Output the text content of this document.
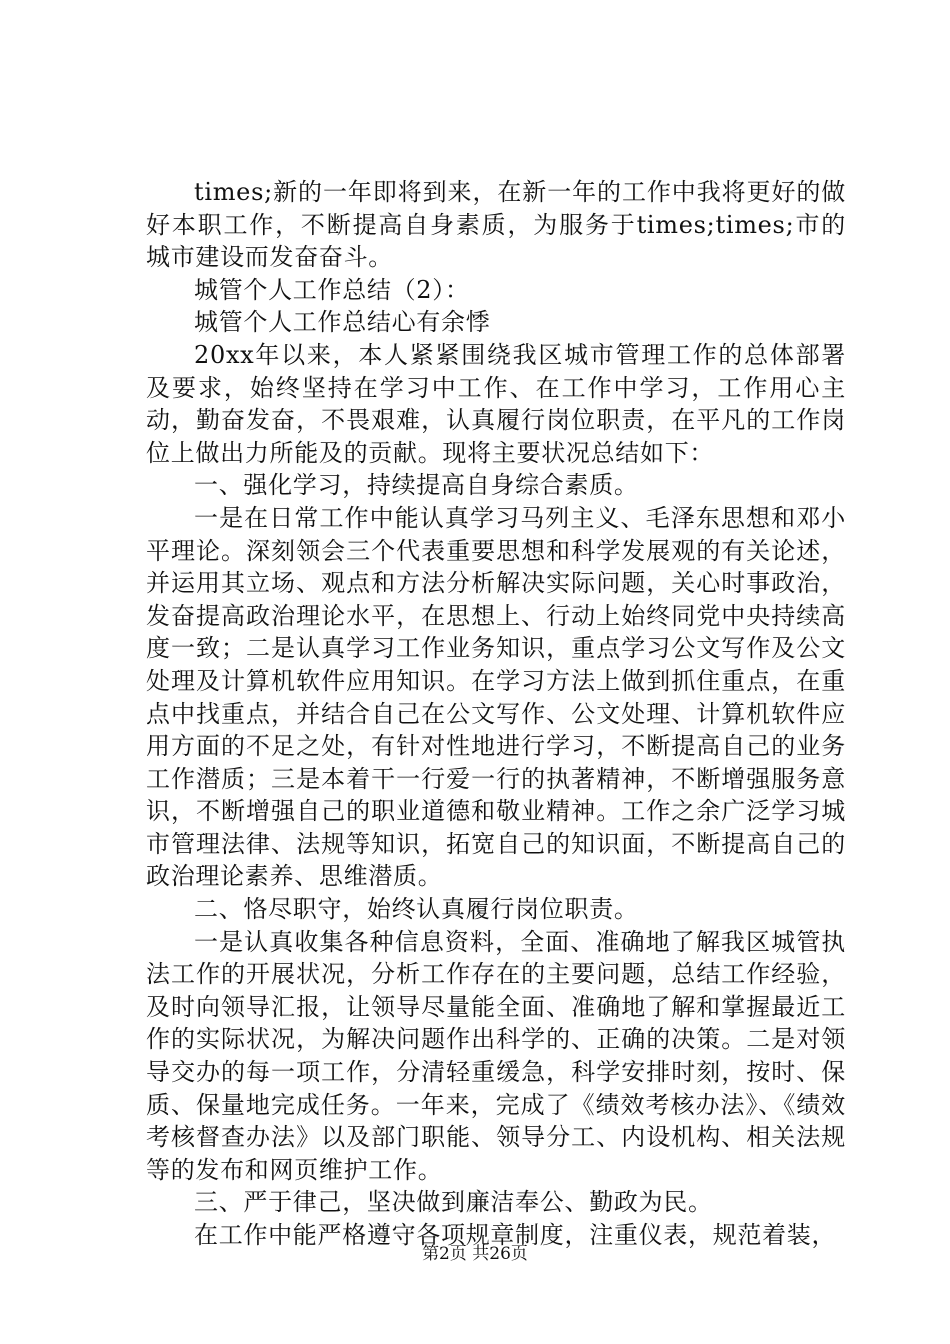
times;新的一年即将到来，在新一年的工作中我将更好的做好本职工作，不断提高自身素质，为服务于times;times;市的城市建设而发奋奋斗。

城管个人工作总结（2）：

城管个人工作总结心有余悸

20xx年以来，本人紧紧围绕我区城市管理工作的总体部署及要求，始终坚持在学习中工作、在工作中学习，工作用心主动，勤奋发奋，不畏艰难，认真履行岗位职责，在平凡的工作岗位上做出力所能及的贡献。现将主要状况总结如下：

一、强化学习，持续提高自身综合素质。

一是在日常工作中能认真学习马列主义、毛泽东思想和邓小平理论。深刻领会三个代表重要思想和科学发展观的有关论述，并运用其立场、观点和方法分析解决实际问题，关心时事政治，发奋提高政治理论水平，在思想上、行动上始终同党中央持续高度一致；二是认真学习工作业务知识，重点学习公文写作及公文处理及计算机软件应用知识。在学习方法上做到抓住重点，在重点中找重点，并结合自己在公文写作、公文处理、计算机软件应用方面的不足之处，有针对性地进行学习，不断提高自己的业务工作潜质；三是本着干一行爱一行的执著精神，不断增强服务意识，不断增强自己的职业道德和敬业精神。工作之余广泛学习城市管理法律、法规等知识，拓宽自己的知识面，不断提高自己的政治理论素养、思维潜质。

二、恪尽职守，始终认真履行岗位职责。

一是认真收集各种信息资料，全面、准确地了解我区城管执法工作的开展状况，分析工作存在的主要问题，总结工作经验，及时向领导汇报，让领导尽量能全面、准确地了解和掌握最近工作的实际状况，为解决问题作出科学的、正确的决策。二是对领导交办的每一项工作，分清轻重缓急，科学安排时刻，按时、保质、保量地完成任务。一年来，完成了《绩效考核办法》、《绩效考核督查办法》以及部门职能、领导分工、内设机构、相关法规等的发布和网页维护工作。

三、严于律己，坚决做到廉洁奉公、勤政为民。

在工作中能严格遵守各项规章制度，注重仪表，规范着装，

第2页 共26页
